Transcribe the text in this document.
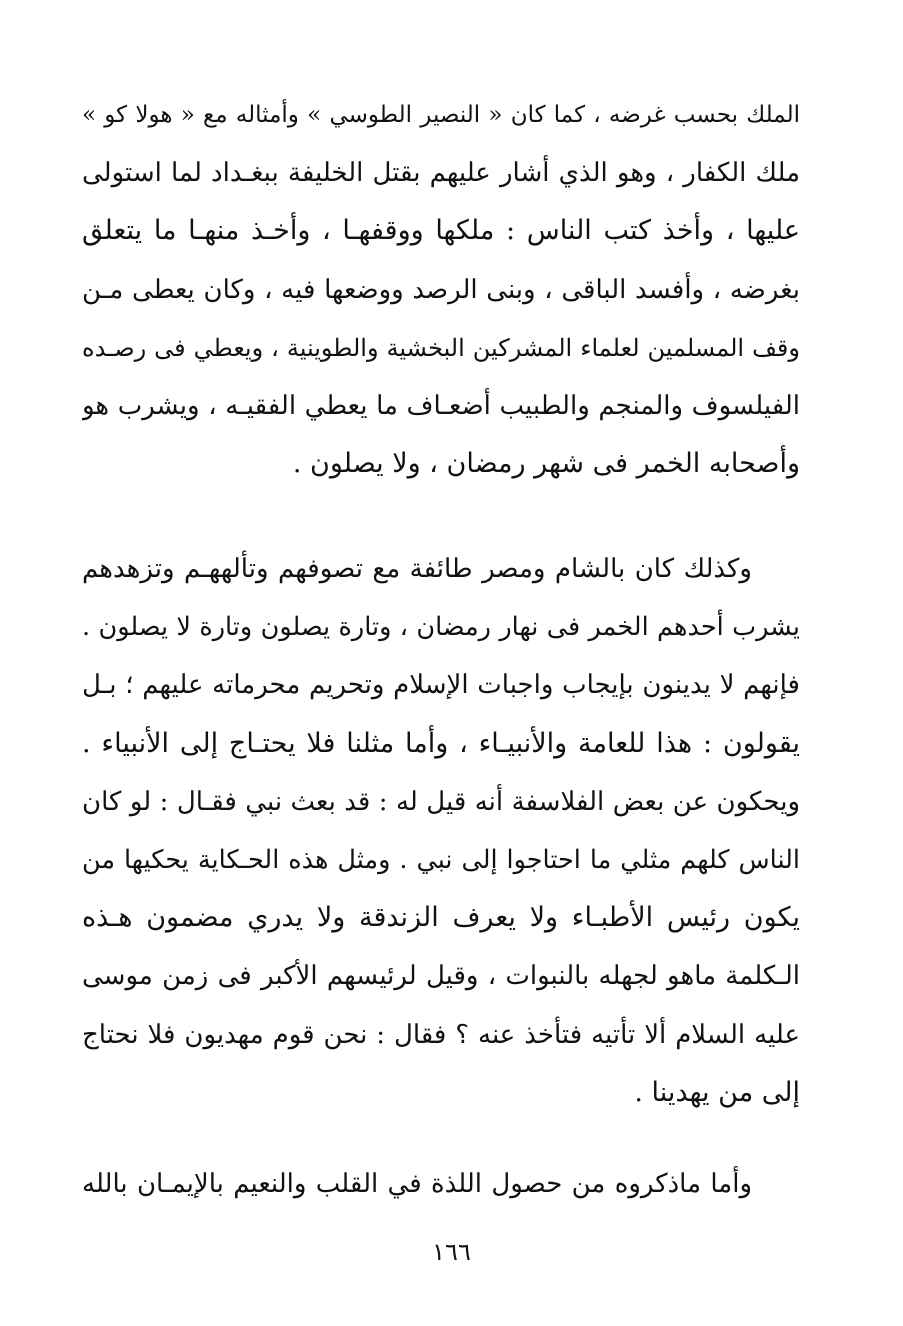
الملك بحسب غرضه ، كما كان « النصير الطوسي » وأمثاله مع « هولا كو »
ملك الكفار ، وهو الذي أشار عليهم بقتل الخليفة ببغـداد لما استولى
عليها ، وأخذ كتب الناس : ملكها ووقفهـا ، وأخـذ منهـا ما يتعلق
بغرضه ، وأفسد الباقى ، وبنى الرصد ووضعها فيه ، وكان يعطى مـن
وقف المسلمين لعلماء المشركين البخشية والطوينية ، ويعطي فى رصـده
الفيلسوف والمنجم والطبيب أضعـاف ما يعطي الفقيـه ، ويشرب هو
وأصحابه الخمر فى شهر رمضان ، ولا يصلون .
وكذلك كان بالشام ومصر طائفة مع تصوفهم وتألههـم وتزهدهم
يشرب أحدهم الخمر فى نهار رمضان ، وتارة يصلون وتارة لا يصلون .
فإنهم لا يدينون بإيجاب واجبات الإسلام وتحريم محرماته عليهم ؛ بـل
يقولون : هذا للعامة والأنبيـاء ، وأما مثلنا فلا يحتـاج إلى الأنبياء .
ويحكون عن بعض الفلاسفة أنه قيل له : قد بعث نبي فقـال : لو كان
الناس كلهم مثلي ما احتاجوا إلى نبي . ومثل هذه الحـكاية يحكيها من
يكون رئيس الأطبـاء ولا يعرف الزندقة ولا يدري مضمون هـذه
الـكلمة ماهو لجهله بالنبوات ، وقيل لرئيسهم الأكبر فى زمن موسى
عليه السلام ألا تأتيه فتأخذ عنه ؟ فقال : نحن قوم مهديون فلا نحتاج
إلى من يهدينا .
وأما ماذكروه من حصول اللذة في القلب والنعيم بالإيمـان بالله
١٦٦
